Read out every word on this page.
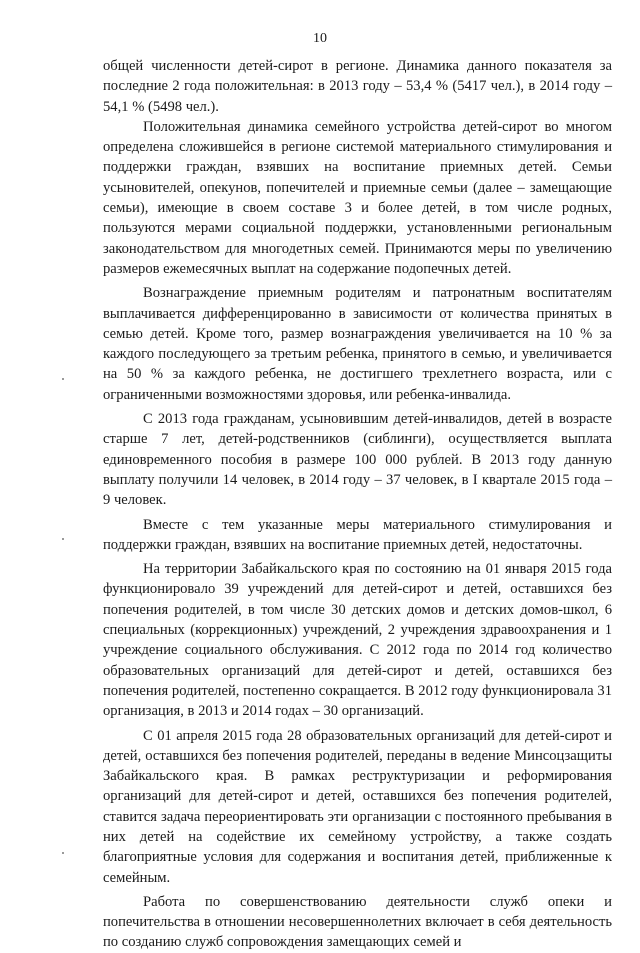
10

общей численности детей-сирот в регионе. Динамика данного показателя за последние 2 года положительная: в 2013 году – 53,4 % (5417 чел.), в 2014 году – 54,1 % (5498 чел.).

Положительная динамика семейного устройства детей-сирот во многом определена сложившейся в регионе системой материального стимулирования и поддержки граждан, взявших на воспитание приемных детей. Семьи усыновителей, опекунов, попечителей и приемные семьи (далее – замещающие семьи), имеющие в своем составе 3 и более детей, в том числе родных, пользуются мерами социальной поддержки, установленными региональным законодательством для многодетных семей. Принимаются меры по увеличению размеров ежемесячных выплат на содержание подопечных детей.

Вознаграждение приемным родителям и патронатным воспитателям выплачивается дифференцированно в зависимости от количества принятых в семью детей. Кроме того, размер вознаграждения увеличивается на 10 % за каждого последующего за третьим ребенка, принятого в семью, и увеличивается на 50 % за каждого ребенка, не достигшего трехлетнего возраста, или с ограниченными возможностями здоровья, или ребенка-инвалида.

С 2013 года гражданам, усыновившим детей-инвалидов, детей в возрасте старше 7 лет, детей-родственников (сиблинги), осуществляется выплата единовременного пособия в размере 100 000 рублей. В 2013 году данную выплату получили 14 человек, в 2014 году – 37 человек, в I квартале 2015 года – 9 человек.

Вместе с тем указанные меры материального стимулирования и поддержки граждан, взявших на воспитание приемных детей, недостаточны.

На территории Забайкальского края по состоянию на 01 января 2015 года функционировало 39 учреждений для детей-сирот и детей, оставшихся без попечения родителей, в том числе 30 детских домов и детских домов-школ, 6 специальных (коррекционных) учреждений, 2 учреждения здравоохранения и 1 учреждение социального обслуживания. С 2012 года по 2014 год количество образовательных организаций для детей-сирот и детей, оставшихся без попечения родителей, постепенно сокращается. В 2012 году функционировала 31 организация, в 2013 и 2014 годах – 30 организаций.

С 01 апреля 2015 года 28 образовательных организаций для детей-сирот и детей, оставшихся без попечения родителей, переданы в ведение Минсоцзащиты Забайкальского края. В рамках реструктуризации и реформирования организаций для детей-сирот и детей, оставшихся без попечения родителей, ставится задача переориентировать эти организации с постоянного пребывания в них детей на содействие их семейному устройству, а также создать благоприятные условия для содержания и воспитания детей, приближенные к семейным.

Работа по совершенствованию деятельности служб опеки и попечительства в отношении несовершеннолетних включает в себя деятельность по созданию служб сопровождения замещающих семей и
